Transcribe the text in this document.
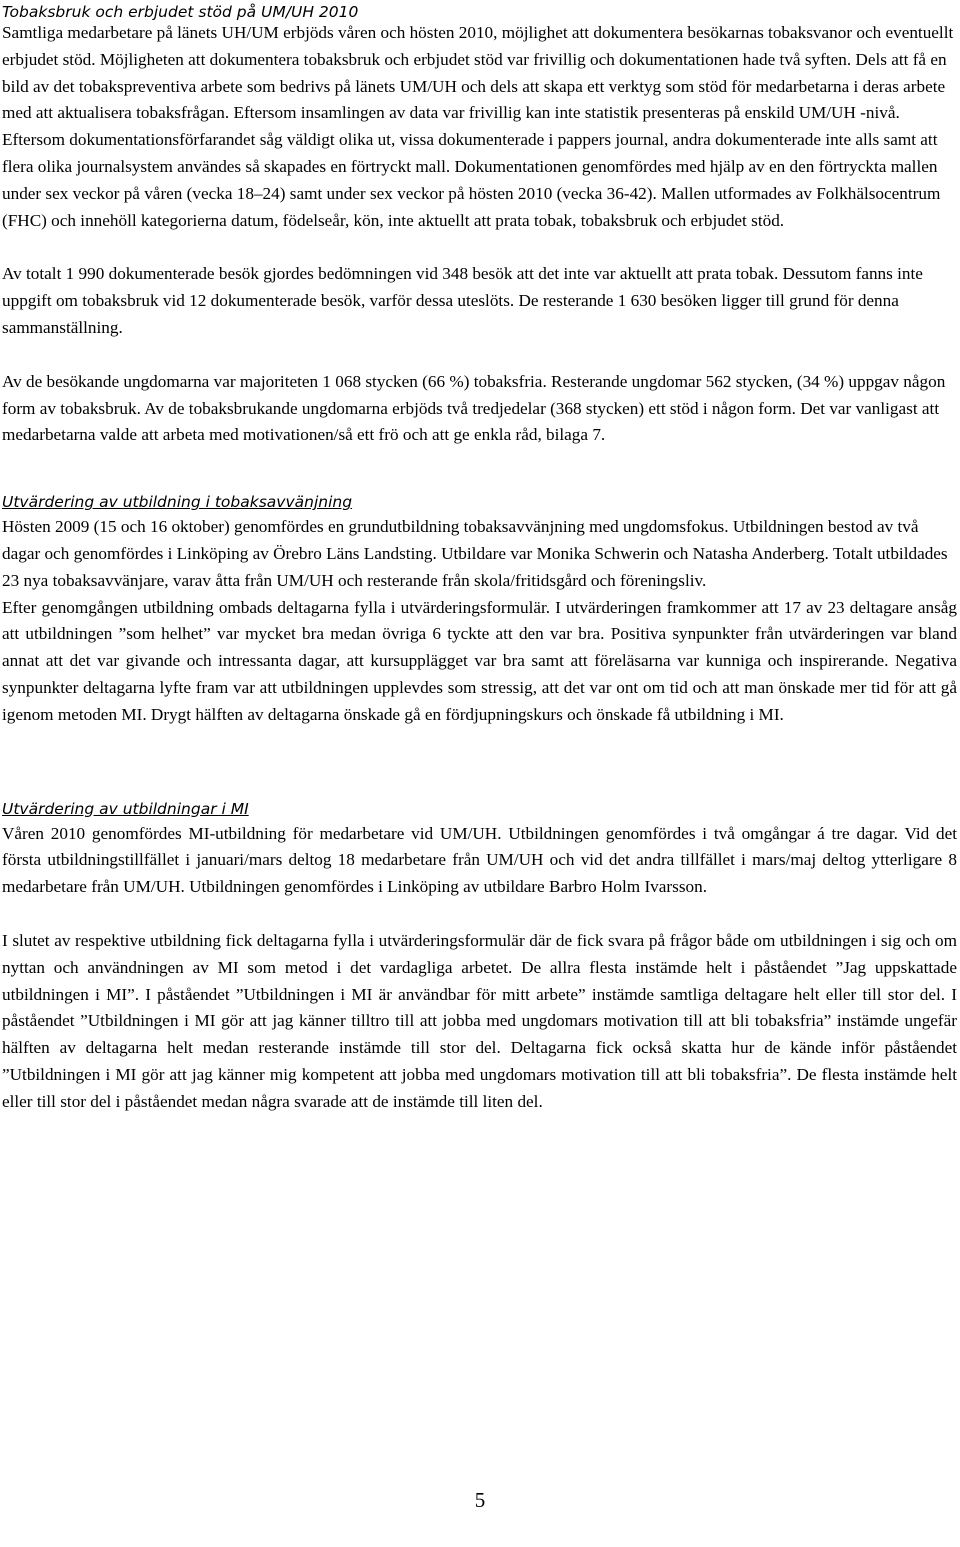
Tobaksbruk och erbjudet stöd på UM/UH 2010

Samtliga medarbetare på länets UH/UM erbjöds våren och hösten 2010, möjlighet att dokumentera besökarnas tobaksvanor och eventuellt erbjudet stöd. Möjligheten att dokumentera tobaksbruk och erbjudet stöd var frivillig och dokumentationen hade två syften. Dels att få en bild av det tobakspreventiva arbete som bedrivs på länets UM/UH och dels att skapa ett verktyg som stöd för medarbetarna i deras arbete med att aktualisera tobaksfrågan. Eftersom insamlingen av data var frivillig kan inte statistik presenteras på enskild UM/UH -nivå. Eftersom dokumentationsförfarandet såg väldigt olika ut, vissa dokumenterade i pappers journal, andra dokumenterade inte alls samt att flera olika journalsystem användes så skapades en förtryckt mall. Dokumentationen genomfördes med hjälp av en den förtryckta mallen under sex veckor på våren (vecka 18–24) samt under sex veckor på hösten 2010 (vecka 36-42). Mallen utformades av Folkhälsocentrum (FHC) och innehöll kategorierna datum, födelseår, kön, inte aktuellt att prata tobak, tobaksbruk och erbjudet stöd.

Av totalt 1 990 dokumenterade besök gjordes bedömningen vid 348 besök att det inte var aktuellt att prata tobak. Dessutom fanns inte uppgift om tobaksbruk vid 12 dokumenterade besök, varför dessa uteslöts. De resterande 1 630 besöken ligger till grund för denna sammanställning.

Av de besökande ungdomarna var majoriteten 1 068 stycken (66 %) tobaksfria. Resterande ungdomar 562 stycken, (34 %) uppgav någon form av tobaksbruk. Av de tobaksbrukande ungdomarna erbjöds två tredjedelar (368 stycken) ett stöd i någon form. Det var vanligast att medarbetarna valde att arbeta med motivationen/så ett frö och att ge enkla råd, bilaga 7.

Utvärdering av utbildning i tobaksavvänjning

Hösten 2009 (15 och 16 oktober) genomfördes en grundutbildning tobaksavvänjning med ungdomsfokus. Utbildningen bestod av två dagar och genomfördes i Linköping av Örebro Läns Landsting. Utbildare var Monika Schwerin och Natasha Anderberg. Totalt utbildades 23 nya tobaksavvänjare, varav åtta från UM/UH och resterande från skola/fritidsgård och föreningsliv.

Efter genomgången utbildning ombads deltagarna fylla i utvärderingsformulär. I utvärderingen framkommer att 17 av 23 deltagare ansåg att utbildningen ”som helhet” var mycket bra medan övriga 6 tyckte att den var bra. Positiva synpunkter från utvärderingen var bland annat att det var givande och intressanta dagar, att kursupplägget var bra samt att föreläsarna var kunniga och inspirerande. Negativa synpunkter deltagarna lyfte fram var att utbildningen upplevdes som stressig, att det var ont om tid och att man önskade mer tid för att gå igenom metoden MI. Drygt hälften av deltagarna önskade gå en fördjupningskurs och önskade få utbildning i MI.

Utvärdering av utbildningar i MI

Våren 2010 genomfördes MI-utbildning för medarbetare vid UM/UH. Utbildningen genomfördes i två omgångar á tre dagar. Vid det första utbildningstillfället i januari/mars deltog 18 medarbetare från UM/UH och vid det andra tillfället i mars/maj deltog ytterligare 8 medarbetare från UM/UH. Utbildningen genomfördes i Linköping av utbildare Barbro Holm Ivarsson.

I slutet av respektive utbildning fick deltagarna fylla i utvärderingsformulär där de fick svara på frågor både om utbildningen i sig och om nyttan och användningen av MI som metod i det vardagliga arbetet. De allra flesta instämde helt i påståendet ”Jag uppskattade utbildningen i MI”. I påståendet ”Utbildningen i MI är användbar för mitt arbete” instämde samtliga deltagare helt eller till stor del. I påståendet ”Utbildningen i MI gör att jag känner tilltro till att jobba med ungdomars motivation till att bli tobaksfria” instämde ungefär hälften av deltagarna helt medan resterande instämde till stor del. Deltagarna fick också skatta hur de kände inför påståendet ”Utbildningen i MI gör att jag känner mig kompetent att jobba med ungdomars motivation till att bli tobaksfria”. De flesta instämde helt eller till stor del i påståendet medan några svarade att de instämde till liten del.

5
